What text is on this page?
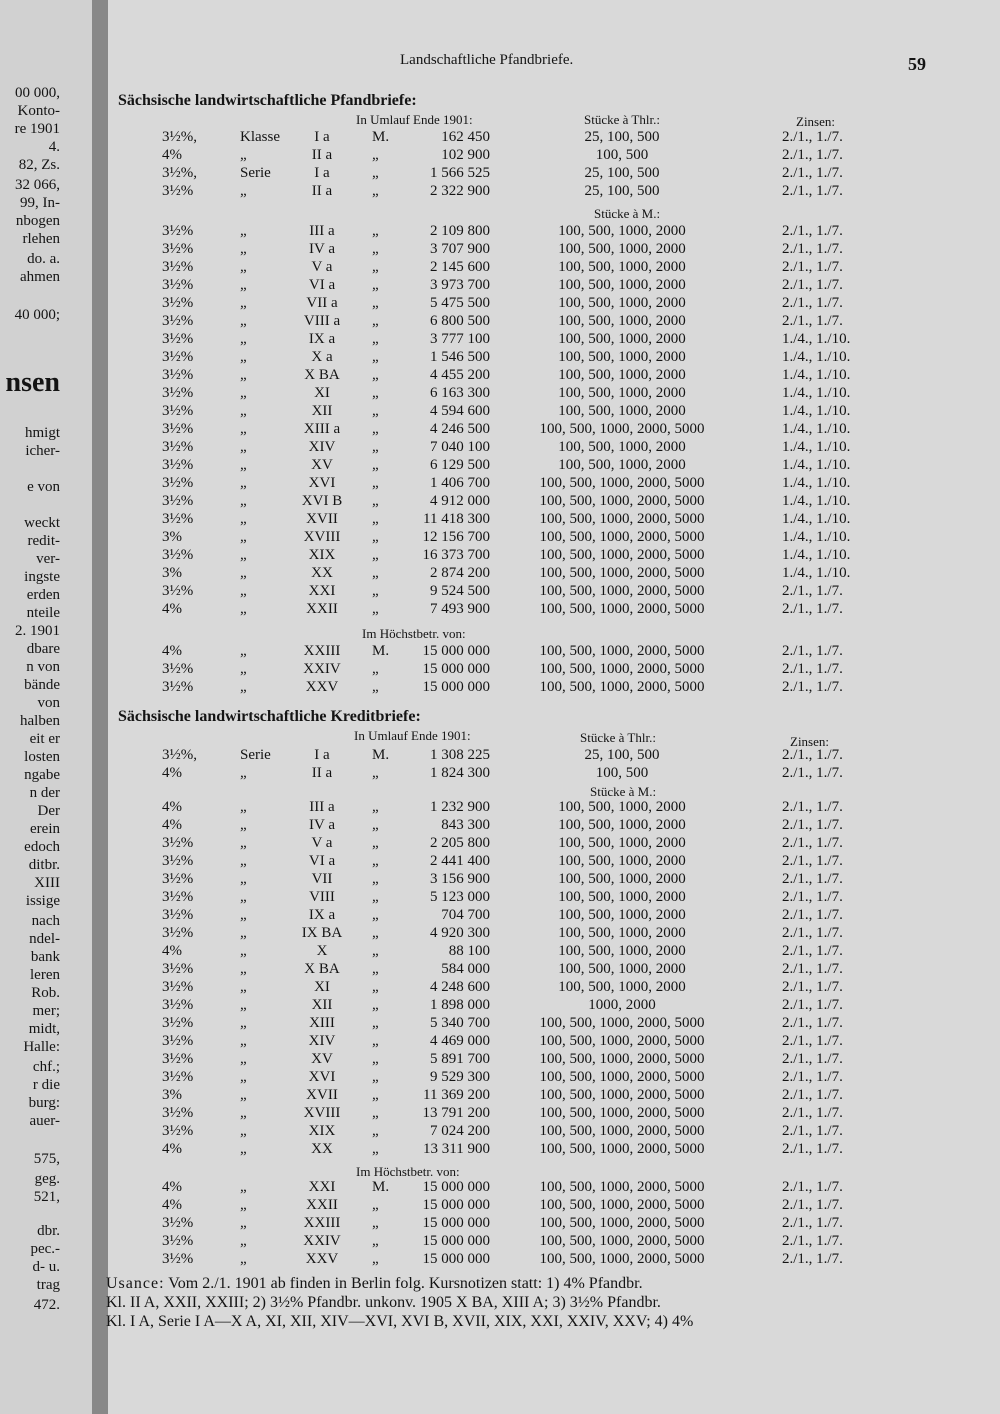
00 000,
Konto-
re 1901
4.
82, Zs.
32 066,
99, In-
nbogen
rlehen
do. a.
ahmen
40 000;
nsen
hmigt
icher-
e von
weckt
redit-
ver-
ingste
erden
nteile
2. 1901
dbare
n von
bände
von
halben
eit er
losten
ngabe
n der
Der
erein
edoch
ditbr.
XIII
issige
nach
ndel-
bank
leren
Rob.
mer;
midt,
Halle:
chf.;
r die
burg:
auer-
575,
geg.
521,
dbr.
pec.-
d- u.
trag
472.
Landschaftliche Pfandbriefe.	59
Sächsische landwirtschaftliche Pfandbriefe:
In Umlauf Ende 1901:	Stücke à Thlr.:	Zinsen:
Stücke à M.:
Im Höchstbetr. von:
3½%,	Klasse	I a	M.	162 450	25, 100, 500	2./1., 1./7.
4%	„	II a	„	102 900	100, 500	2./1., 1./7.
3½%,	Serie	I a	„	1 566 525	25, 100, 500	2./1., 1./7.
3½%	„	II a	„	2 322 900	25, 100, 500	2./1., 1./7.
3½%	„	III a	„	2 109 800	100, 500, 1000, 2000	2./1., 1./7.
3½%	„	IV a	„	3 707 900	100, 500, 1000, 2000	2./1., 1./7.
3½%	„	V a	„	2 145 600	100, 500, 1000, 2000	2./1., 1./7.
3½%	„	VI a	„	3 973 700	100, 500, 1000, 2000	2./1., 1./7.
3½%	„	VII a	„	5 475 500	100, 500, 1000, 2000	2./1., 1./7.
3½%	„	VIII a	„	6 800 500	100, 500, 1000, 2000	2./1., 1./7.
3½%	„	IX a	„	3 777 100	100, 500, 1000, 2000	1./4., 1./10.
3½%	„	X a	„	1 546 500	100, 500, 1000, 2000	1./4., 1./10.
3½%	„	X BA	„	4 455 200	100, 500, 1000, 2000	1./4., 1./10.
3½%	„	XI	„	6 163 300	100, 500, 1000, 2000	1./4., 1./10.
3½%	„	XII	„	4 594 600	100, 500, 1000, 2000	1./4., 1./10.
3½%	„	XIII a	„	4 246 500	100, 500, 1000, 2000, 5000	1./4., 1./10.
3½%	„	XIV	„	7 040 100	100, 500, 1000, 2000	1./4., 1./10.
3½%	„	XV	„	6 129 500	100, 500, 1000, 2000	1./4., 1./10.
3½%	„	XVI	„	1 406 700	100, 500, 1000, 2000, 5000	1./4., 1./10.
3½%	„	XVI B	„	4 912 000	100, 500, 1000, 2000, 5000	1./4., 1./10.
3½%	„	XVII	„	11 418 300	100, 500, 1000, 2000, 5000	1./4., 1./10.
3%	„	XVIII	„	12 156 700	100, 500, 1000, 2000, 5000	1./4., 1./10.
3½%	„	XIX	„	16 373 700	100, 500, 1000, 2000, 5000	1./4., 1./10.
3%	„	XX	„	2 874 200	100, 500, 1000, 2000, 5000	1./4., 1./10.
3½%	„	XXI	„	9 524 500	100, 500, 1000, 2000, 5000	2./1., 1./7.
4%	„	XXII	„	7 493 900	100, 500, 1000, 2000, 5000	2./1., 1./7.
4%	„	XXIII	M.	15 000 000	100, 500, 1000, 2000, 5000	2./1., 1./7.
3½%	„	XXIV	„	15 000 000	100, 500, 1000, 2000, 5000	2./1., 1./7.
3½%	„	XXV	„	15 000 000	100, 500, 1000, 2000, 5000	2./1., 1./7.
Sächsische landwirtschaftliche Kreditbriefe:
In Umlauf Ende 1901:	Stücke à Thlr.:	Zinsen:
Stücke à M.:
Im Höchstbetr. von:
3½%,	Serie	I a	M.	1 308 225	25, 100, 500	2./1., 1./7.
4%	„	II a	„	1 824 300	100, 500	2./1., 1./7.
4%	„	III a	„	1 232 900	100, 500, 1000, 2000	2./1., 1./7.
4%	„	IV a	„	843 300	100, 500, 1000, 2000	2./1., 1./7.
3½%	„	V a	„	2 205 800	100, 500, 1000, 2000	2./1., 1./7.
3½%	„	VI a	„	2 441 400	100, 500, 1000, 2000	2./1., 1./7.
3½%	„	VII	„	3 156 900	100, 500, 1000, 2000	2./1., 1./7.
3½%	„	VIII	„	5 123 000	100, 500, 1000, 2000	2./1., 1./7.
3½%	„	IX a	„	704 700	100, 500, 1000, 2000	2./1., 1./7.
3½%	„	IX BA	„	4 920 300	100, 500, 1000, 2000	2./1., 1./7.
4%	„	X	„	88 100	100, 500, 1000, 2000	2./1., 1./7.
3½%	„	X BA	„	584 000	100, 500, 1000, 2000	2./1., 1./7.
3½%	„	XI	„	4 248 600	100, 500, 1000, 2000	2./1., 1./7.
3½%	„	XII	„	1 898 000	1000, 2000	2./1., 1./7.
3½%	„	XIII	„	5 340 700	100, 500, 1000, 2000, 5000	2./1., 1./7.
3½%	„	XIV	„	4 469 000	100, 500, 1000, 2000, 5000	2./1., 1./7.
3½%	„	XV	„	5 891 700	100, 500, 1000, 2000, 5000	2./1., 1./7.
3½%	„	XVI	„	9 529 300	100, 500, 1000, 2000, 5000	2./1., 1./7.
3%	„	XVII	„	11 369 200	100, 500, 1000, 2000, 5000	2./1., 1./7.
3½%	„	XVIII	„	13 791 200	100, 500, 1000, 2000, 5000	2./1., 1./7.
3½%	„	XIX	„	7 024 200	100, 500, 1000, 2000, 5000	2./1., 1./7.
4%	„	XX	„	13 311 900	100, 500, 1000, 2000, 5000	2./1., 1./7.
4%	„	XXI	M.	15 000 000	100, 500, 1000, 2000, 5000	2./1., 1./7.
4%	„	XXII	„	15 000 000	100, 500, 1000, 2000, 5000	2./1., 1./7.
3½%	„	XXIII	„	15 000 000	100, 500, 1000, 2000, 5000	2./1., 1./7.
3½%	„	XXIV	„	15 000 000	100, 500, 1000, 2000, 5000	2./1., 1./7.
3½%	„	XXV	„	15 000 000	100, 500, 1000, 2000, 5000	2./1., 1./7.
Usance: Vom 2./1. 1901 ab finden in Berlin folg. Kursnotizen statt: 1) 4% Pfandbr.
Kl. II A, XXII, XXIII; 2) 3½% Pfandbr. unkonv. 1905 X BA, XIII A; 3) 3½% Pfandbr.
Kl. I A, Serie I A—X A, XI, XII, XIV—XVI, XVI B, XVII, XIX, XXI, XXIV, XXV; 4) 4%
